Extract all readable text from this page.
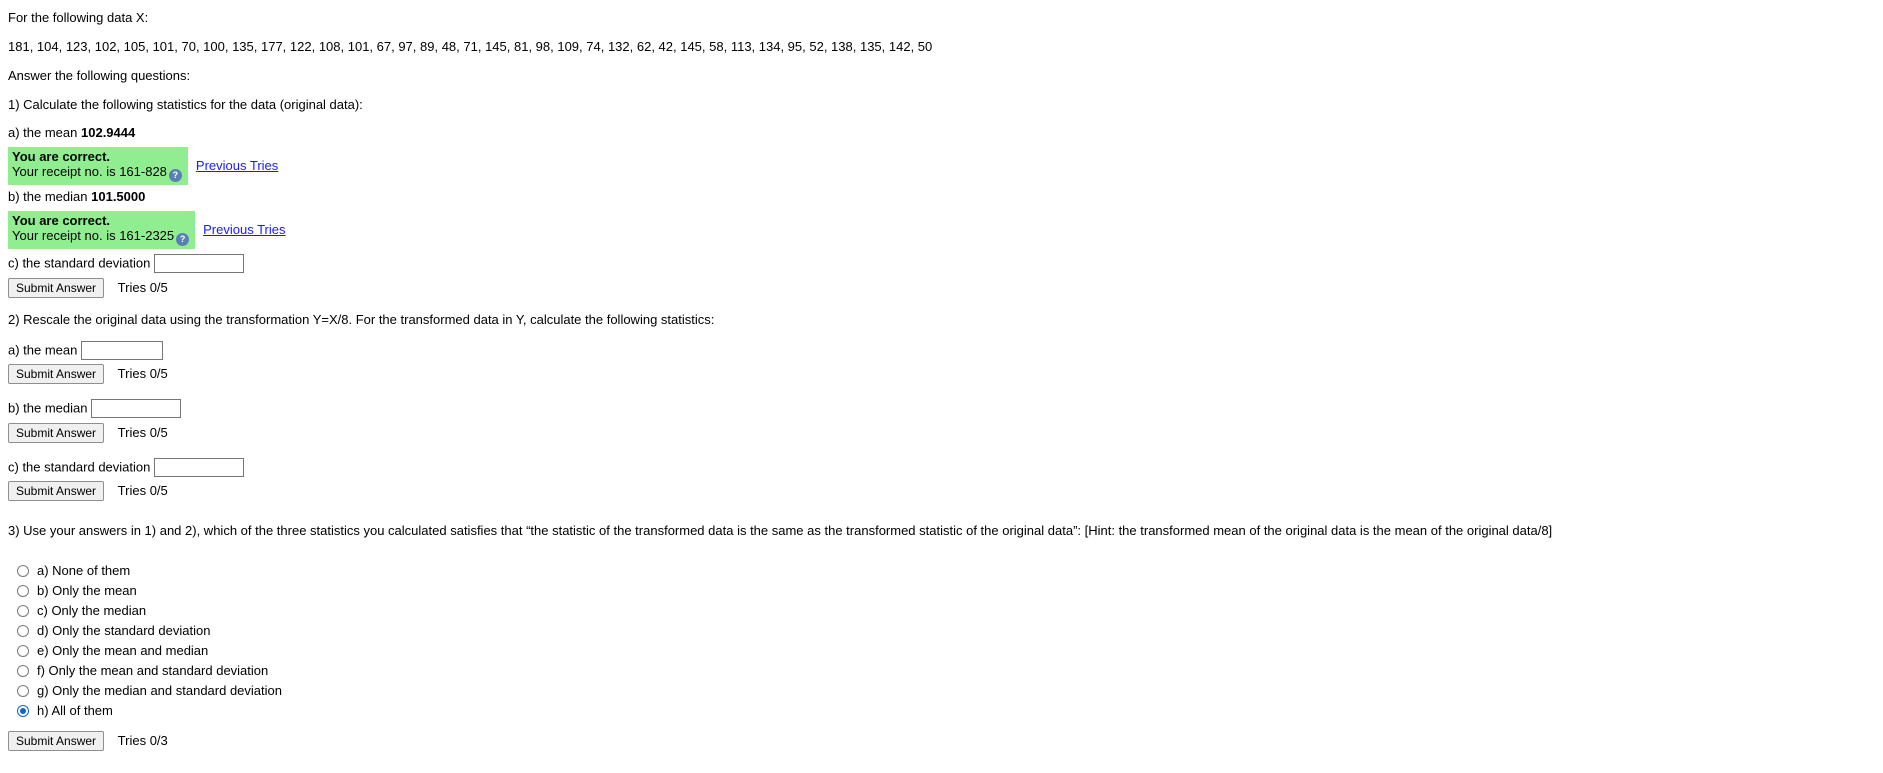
For the following data X:
181, 104, 123, 102, 105, 101, 70, 100, 135, 177, 122, 108, 101, 67, 97, 89, 48, 71, 145, 81, 98, 109, 74, 132, 62, 42, 145, 58, 113, 134, 95, 52, 138, 135, 142, 50
Answer the following questions:
1) Calculate the following statistics for the data (original data):
a) the mean 102.9444
You are correct.
Your receipt no. is 161-828 ?
Previous Tries
b) the median 101.5000
You are correct.
Your receipt no. is 161-2325 ?
Previous Tries
c) the standard deviation
Submit Answer Tries 0/5
2) Rescale the original data using the transformation Y=X/8. For the transformed data in Y, calculate the following statistics:
a) the mean
Submit Answer Tries 0/5
b) the median
Submit Answer Tries 0/5
c) the standard deviation
Submit Answer Tries 0/5
3) Use your answers in 1) and 2), which of the three statistics you calculated satisfies that “the statistic of the transformed data is the same as the transformed statistic of the original data”: [Hint: the transformed mean of the original data is the mean of the original data/8]
a) None of them
b) Only the mean
c) Only the median
d) Only the standard deviation
e) Only the mean and median
f) Only the mean and standard deviation
g) Only the median and standard deviation
h) All of them
Submit Answer Tries 0/3
